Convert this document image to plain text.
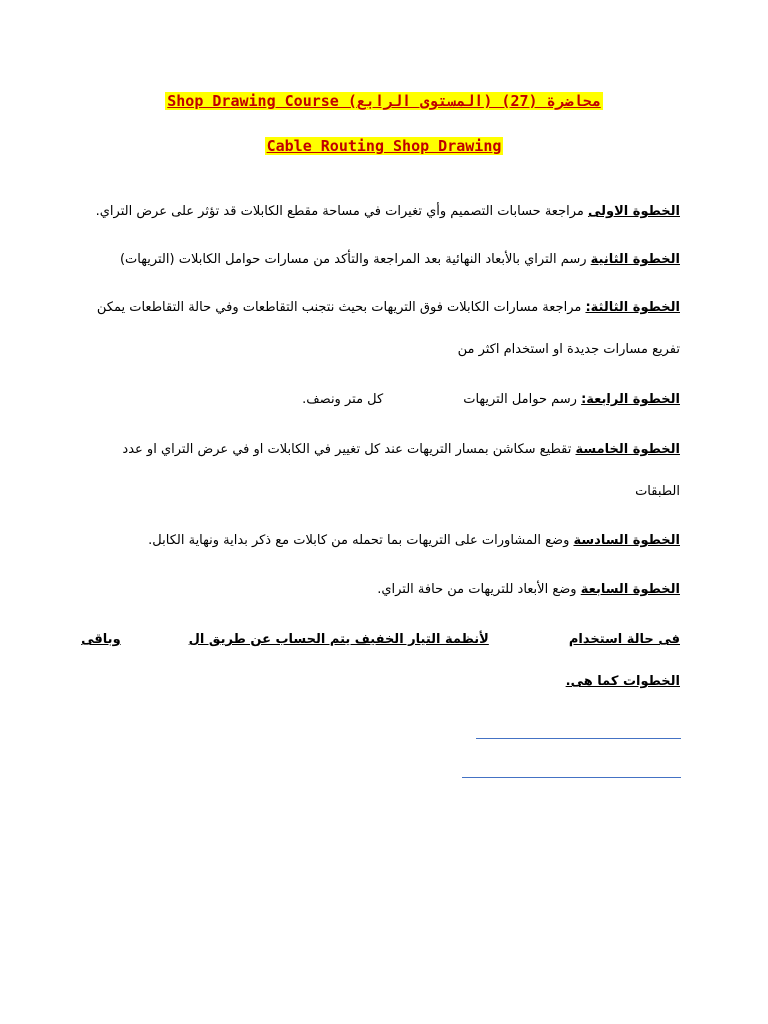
Shop Drawing Course (المستوى الرابع) (27) محاضرة
Cable Routing Shop Drawing
الخطوة الاولى مراجعة حسابات التصميم وأي تغيرات في مساحة مقطع الكابلات قد تؤثر على عرض التراي.
الخطوة الثانية رسم التراي بالأبعاد النهائية بعد المراجعة والتأكد من مسارات حوامل الكابلات (التريهات)
الخطوة الثالثة: مراجعة مسارات الكابلات فوق التريهات بحيث نتجنب التقاطعات وفي حالة التقاطعات يمكن
تفريع مسارات جديدة او استخدام اكثر من
الخطوة الرابعة: رسم حوامل التريهاتكل متر ونصف.
الخطوة الخامسة تقطيع سكاشن بمسار التريهات عند كل تغيير في الكابلات او في عرض التراي او عدد
الطبقات
الخطوة السادسة وضع المشاورات على التريهات بما تحمله من كابلات مع ذكر بداية ونهاية الكابل.
الخطوة السابعة وضع الأبعاد للتريهات من حافة التراي.
فى حالة استخداملأنظمة التيار الخفيف يتم الحساب عن طريق الوباقى
الخطوات كما هى.
